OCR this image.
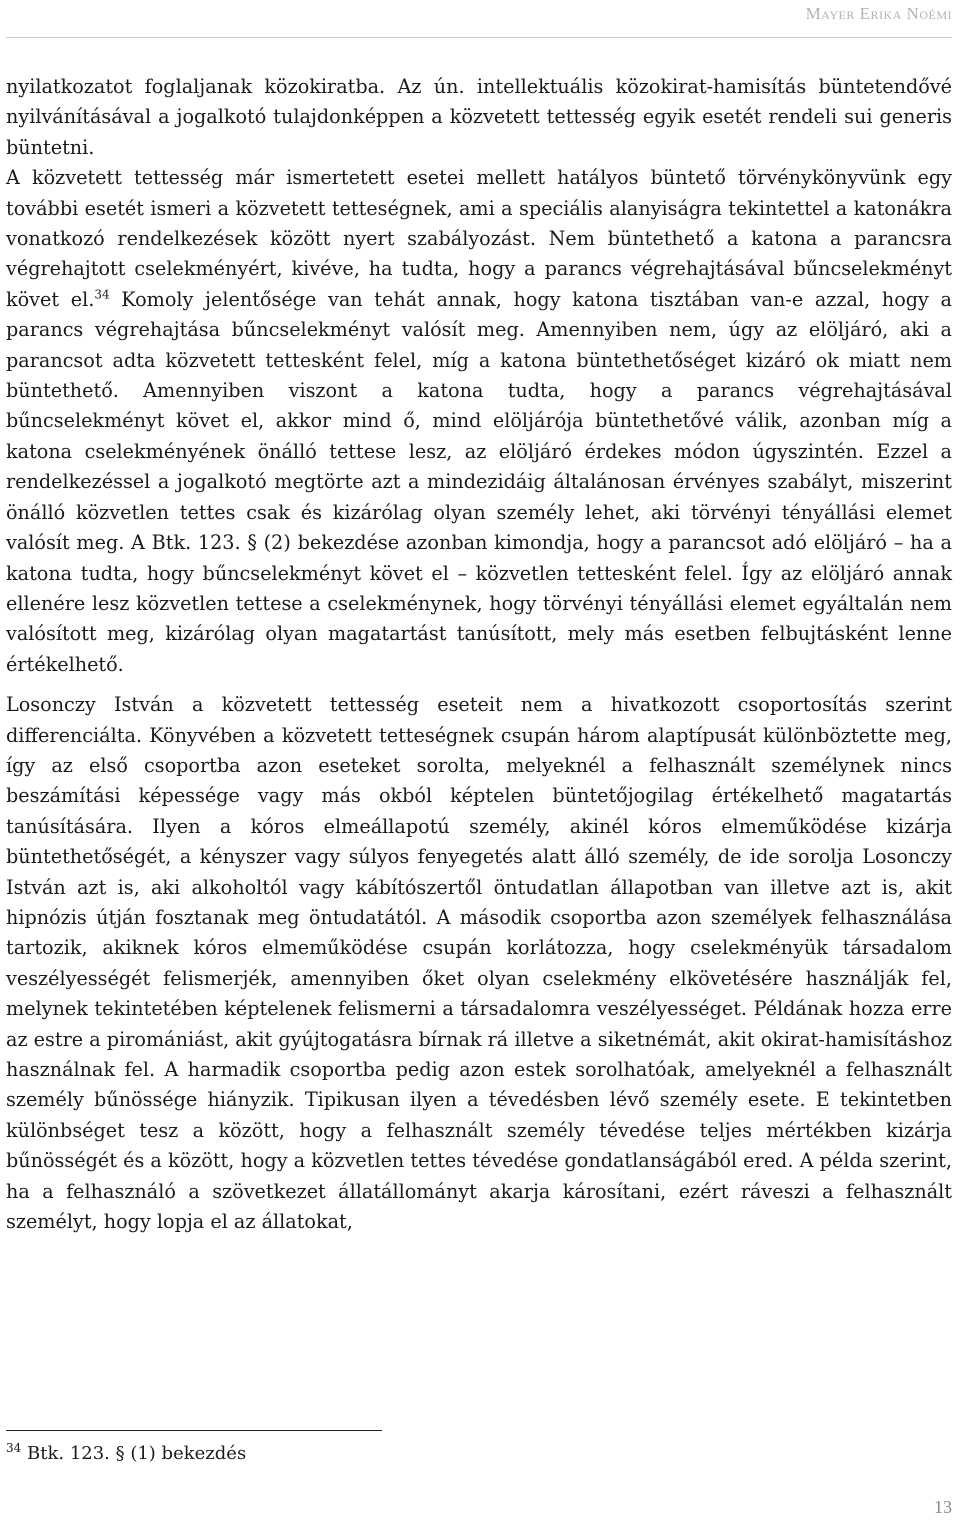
Mayer Erika Noémi

nyilatkozatot foglaljanak közokiratba. Az ún. intellektuális közokirat-hamisítás büntetendővé nyilvánításával a jogalkotó tulajdonképpen a közvetett tettesség egyik esetét rendeli sui generis büntetni.

A közvetett tettesség már ismertetett esetei mellett hatályos büntető törvénykönyvünk egy további esetét ismeri a közvetett tetteségnek, ami a speciális alanyiságra tekintettel a katonákra vonatkozó rendelkezések között nyert szabályozást. Nem büntethető a katona a parancsra végrehajtott cselekményért, kivéve, ha tudta, hogy a parancs végrehajtásával bűncselekményt követ el.$^{34}$ Komoly jelentősége van tehát annak, hogy katona tisztában van-e azzal, hogy a parancs végrehajtása bűncselekményt valósít meg. Amennyiben nem, úgy az elöljáró, aki a parancsot adta közvetett tettesként felel, míg a katona büntethetőséget kizáró ok miatt nem büntethető. Amennyiben viszont a katona tudta, hogy a parancs végrehajtásával bűncselekményt követ el, akkor mind ő, mind elöljárója büntethetővé válik, azonban míg a katona cselekményének önálló tettese lesz, az elöljáró érdekes módon úgyszintén. Ezzel a rendelkezéssel a jogalkotó megtörte azt a mindezidáig általánosan érvényes szabályt, miszerint önálló közvetlen tettes csak és kizárólag olyan személy lehet, aki törvényi tényállási elemet valósít meg. A Btk. 123. § (2) bekezdése azonban kimondja, hogy a parancsot adó elöljáró – ha a katona tudta, hogy bűncselekményt követ el – közvetlen tettesként felel. Így az elöljáró annak ellenére lesz közvetlen tettese a cselekménynek, hogy törvényi tényállási elemet egyáltalán nem valósított meg, kizárólag olyan magatartást tanúsított, mely más esetben felbujtásként lenne értékelhető.

Losonczy István a közvetett tettesség eseteit nem a hivatkozott csoportosítás szerint differenciálta. Könyvében a közvetett tetteségnek csupán három alaptípusát különböztette meg, így az első csoportba azon eseteket sorolta, melyeknél a felhasznált személynek nincs beszámítási képessége vagy más okból képtelen büntetőjogilag értékelhető magatartás tanúsítására. Ilyen a kóros elmeállapotú személy, akinél kóros elmeműködése kizárja büntethetőségét, a kényszer vagy súlyos fenyegetés alatt álló személy, de ide sorolja Losonczy István azt is, aki alkoholtól vagy kábítószertől öntudatlan állapotban van illetve azt is, akit hipnózis útján fosztanak meg öntudatától. A második csoportba azon személyek felhasználása tartozik, akiknek kóros elmeműködése csupán korlátozza, hogy cselekményük társadalom veszélyességét felismerjék, amennyiben őket olyan cselekmény elkövetésére használják fel, melynek tekintetében képtelenek felismerni a társadalomra veszélyességet. Példának hozza erre az estre a piromániást, akit gyújtogatásra bírnak rá illetve a siketnémát, akit okirat-hamisításhoz használnak fel. A harmadik csoportba pedig azon estek sorolhatóak, amelyeknél a felhasznált személy bűnössége hiányzik. Tipikusan ilyen a tévedésben lévő személy esete. E tekintetben különbséget tesz a között, hogy a felhasznált személy tévedése teljes mértékben kizárja bűnösségét és a között, hogy a közvetlen tettes tévedése gondatlanságából ered. A példa szerint, ha a felhasználó a szövetkezet állatállományt akarja károsítani, ezért ráveszi a felhasznált személyt, hogy lopja el az állatokat,

$^{34}$ Btk. 123. § (1) bekezdés
13
